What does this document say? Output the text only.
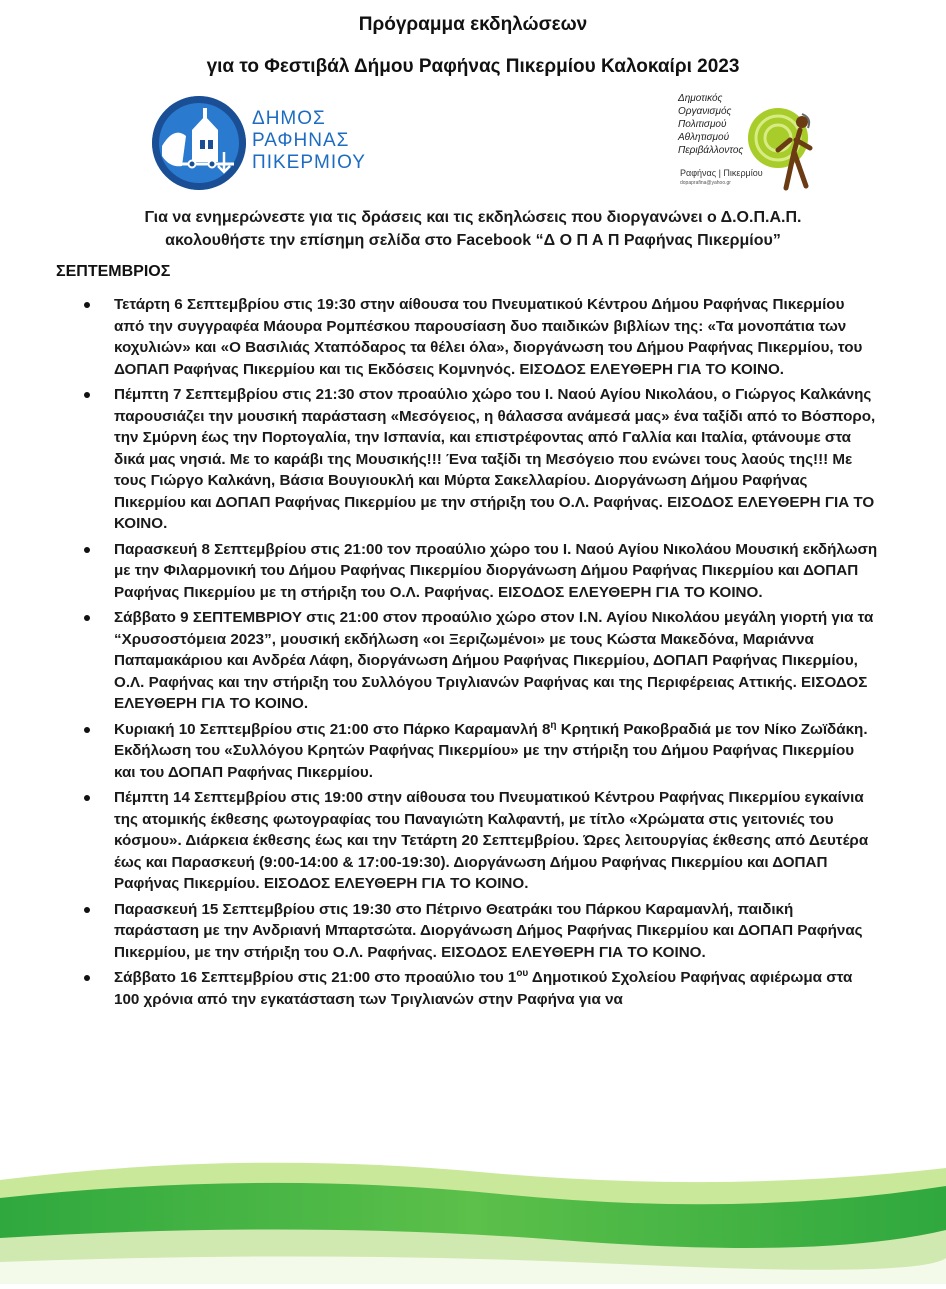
Πρόγραμμα εκδηλώσεων
για το Φεστιβάλ Δήμου Ραφήνας Πικερμίου Καλοκαίρι 2023
ΔΗΜΟΣ
ΡΑΦΗΝΑΣ
ΠΙΚΕΡΜΙΟΥ
Δημοτικός
Οργανισμός
Πολιτισμού
Αθλητισμού
Περιβάλλοντος
Ραφήνας | Πικερμίου
dopaprafina@yahoo.gr
Για να ενημερώνεστε για τις δράσεις και τις εκδηλώσεις που διοργανώνει ο Δ.Ο.Π.Α.Π.
ακολουθήστε την επίσημη σελίδα στο Facebook “Δ Ο Π Α Π Ραφήνας Πικερμίου”
ΣΕΠΤΕΜΒΡΙΟΣ
Τετάρτη 6 Σεπτεμβρίου στις 19:30 στην αίθουσα του Πνευματικού Κέντρου Δήμου Ραφήνας Πικερμίου από την συγγραφέα Μάουρα Ρομπέσκου παρουσίαση δυο παιδικών βιβλίων της: «Τα μονοπάτια των κοχυλιών» και «Ο Βασιλιάς Χταπόδαρος τα θέλει όλα», διοργάνωση του Δήμου Ραφήνας Πικερμίου, του ΔΟΠΑΠ Ραφήνας Πικερμίου και τις Εκδόσεις Κομνηνός. ΕΙΣΟΔΟΣ ΕΛΕΥΘΕΡΗ ΓΙΑ ΤΟ ΚΟΙΝΟ.
Πέμπτη 7 Σεπτεμβρίου στις 21:30 στον προαύλιο χώρο του Ι. Ναού Αγίου Νικολάου, ο Γιώργος Καλκάνης παρουσιάζει την μουσική παράσταση «Μεσόγειος, η θάλασσα ανάμεσά μας» ένα ταξίδι από το Βόσπορο, την Σμύρνη έως την Πορτογαλία, την Ισπανία, και επιστρέφοντας από Γαλλία και Ιταλία, φτάνουμε στα δικά μας νησιά. Με το καράβι της Μουσικής!!! Ένα ταξίδι τη Μεσόγειο που ενώνει τους λαούς της!!! Με τους Γιώργο Καλκάνη, Βάσια Βουγιουκλή και Μύρτα Σακελλαρίου. Διοργάνωση Δήμου Ραφήνας Πικερμίου και ΔΟΠΑΠ Ραφήνας Πικερμίου με την στήριξη του Ο.Λ. Ραφήνας. ΕΙΣΟΔΟΣ ΕΛΕΥΘΕΡΗ ΓΙΑ ΤΟ ΚΟΙΝΟ.
Παρασκευή 8 Σεπτεμβρίου στις 21:00 τον προαύλιο χώρο του Ι. Ναού Αγίου Νικολάου Μουσική εκδήλωση με την Φιλαρμονική του Δήμου Ραφήνας Πικερμίου διοργάνωση Δήμου Ραφήνας Πικερμίου και ΔΟΠΑΠ Ραφήνας Πικερμίου με τη στήριξη του Ο.Λ. Ραφήνας. ΕΙΣΟΔΟΣ ΕΛΕΥΘΕΡΗ ΓΙΑ ΤΟ ΚΟΙΝΟ.
Σάββατο 9 ΣΕΠΤΕΜΒΡΙΟΥ στις 21:00 στον προαύλιο χώρο στον Ι.Ν. Αγίου Νικολάου μεγάλη γιορτή για τα “Χρυσοστόμεια 2023”, μουσική εκδήλωση «οι Ξεριζωμένοι» με τους Κώστα Μακεδόνα, Μαριάννα Παπαμακάριου και Ανδρέα Λάφη, διοργάνωση Δήμου Ραφήνας Πικερμίου, ΔΟΠΑΠ Ραφήνας Πικερμίου, Ο.Λ. Ραφήνας και την στήριξη του Συλλόγου Τριγλιανών Ραφήνας και της Περιφέρειας Αττικής. ΕΙΣΟΔΟΣ ΕΛΕΥΘΕΡΗ ΓΙΑ ΤΟ ΚΟΙΝΟ.
Κυριακή 10 Σεπτεμβρίου στις 21:00 στο Πάρκο Καραμανλή $8^\eta$ Κρητική Ρακοβραδιά με τον Νίκο Ζωϊδάκη. Εκδήλωση του «Συλλόγου Κρητών Ραφήνας Πικερμίου» με την στήριξη του Δήμου Ραφήνας Πικερμίου και του ΔΟΠΑΠ Ραφήνας Πικερμίου.
Πέμπτη 14 Σεπτεμβρίου στις 19:00 στην αίθουσα του Πνευματικού Κέντρου Ραφήνας Πικερμίου εγκαίνια της ατομικής έκθεσης φωτογραφίας του Παναγιώτη Καλφαντή, με τίτλο «Χρώματα στις γειτονιές του κόσμου». Διάρκεια έκθεσης έως και την Τετάρτη 20 Σεπτεμβρίου. Ώρες λειτουργίας έκθεσης από Δευτέρα έως και Παρασκευή (9:00-14:00 & 17:00-19:30). Διοργάνωση Δήμου Ραφήνας Πικερμίου και ΔΟΠΑΠ Ραφήνας Πικερμίου. ΕΙΣΟΔΟΣ ΕΛΕΥΘΕΡΗ ΓΙΑ ΤΟ ΚΟΙΝΟ.
Παρασκευή 15 Σεπτεμβρίου στις 19:30 στο Πέτρινο Θεατράκι του Πάρκου Καραμανλή, παιδική παράσταση με την Ανδριανή Μπαρτσώτα. Διοργάνωση Δήμος Ραφήνας Πικερμίου και ΔΟΠΑΠ Ραφήνας Πικερμίου, με την στήριξη του Ο.Λ. Ραφήνας. ΕΙΣΟΔΟΣ ΕΛΕΥΘΕΡΗ ΓΙΑ ΤΟ ΚΟΙΝΟ.
Σάββατο 16 Σεπτεμβρίου στις 21:00 στο προαύλιο του $1^{o\upsilon}$ Δημοτικού Σχολείου Ραφήνας αφιέρωμα στα 100 χρόνια από την εγκατάσταση των Τριγλιανών στην Ραφήνα για να
